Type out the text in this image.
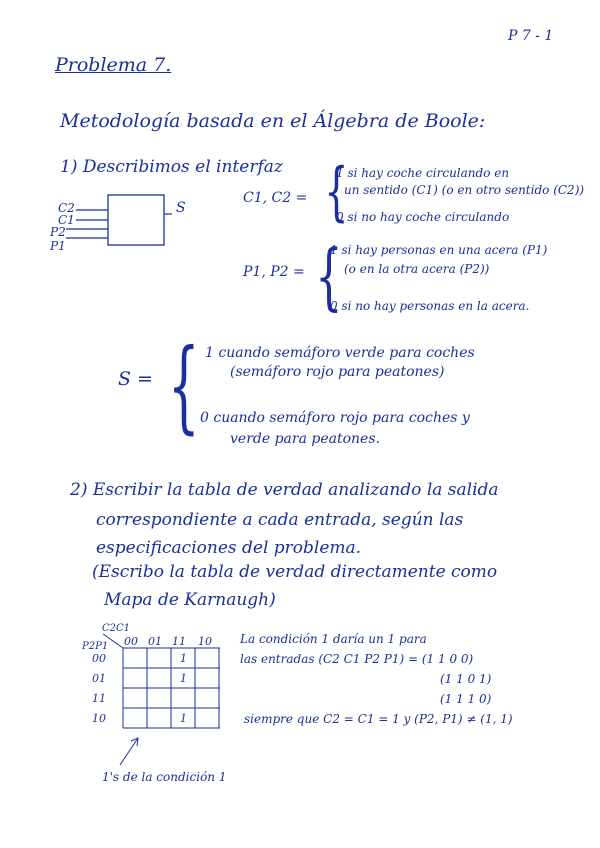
P 7 - 1
Problema 7.
Metodología basada en el Álgebra de Boole:
1) Describimos el interfaz
C2
C1
P2
P1
S
C1, C2 = {
1 si hay coche circulando en
un sentido (C1) (o en otro sentido (C2))
0 si no hay coche circulando
P1, P2 = {
1 si hay personas en una acera (P1)
(o en la otra acera (P2))
0 si no hay personas en la acera.
S = { 1 cuando semáforo verde para coches
(semáforo rojo para peatones)
0 cuando semáforo rojo para coches y
verde para peatones.
2) Escribir la tabla de verdad analizando la salida
correspondiente a cada entrada, según las
especificaciones del problema.
(Escribo la tabla de verdad directamente como
Mapa de Karnaugh)
C2C1
P2P1 00 01 11 10
00
01
11
10
1
1
1
La condición 1 daría un 1 para
las entradas (C2 C1 P2 P1) = (1 1 0 0)
(1 1 0 1)
(1 1 1 0)
siempre que C2 = C1 = 1 y (P2, P1) ≠ (1, 1)
1's de la condición 1
